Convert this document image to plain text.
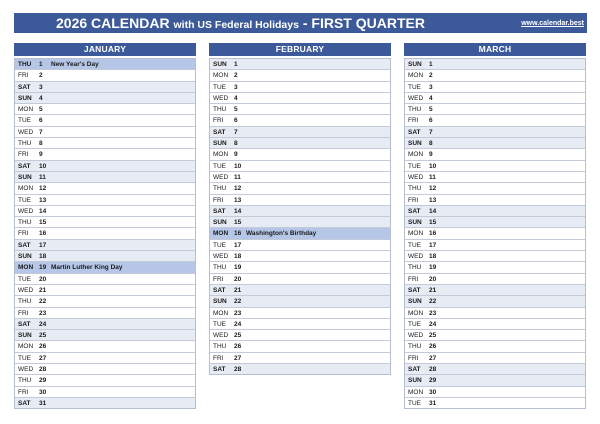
2026 CALENDAR with US Federal Holidays - FIRST QUARTER	www.calendar.best
JANUARY
THU 1 New Year's Day
FRI 2
SAT 3
SUN 4
MON 5
TUE 6
WED 7
THU 8
FRI 9
SAT 10
SUN 11
MON 12
TUE 13
WED 14
THU 15
FRI 16
SAT 17
SUN 18
MON 19 Martin Luther King Day
TUE 20
WED 21
THU 22
FRI 23
SAT 24
SUN 25
MON 26
TUE 27
WED 28
THU 29
FRI 30
SAT 31
FEBRUARY
SUN 1
MON 2
TUE 3
WED 4
THU 5
FRI 6
SAT 7
SUN 8
MON 9
TUE 10
WED 11
THU 12
FRI 13
SAT 14
SUN 15
MON 16 Washington's Birthday
TUE 17
WED 18
THU 19
FRI 20
SAT 21
SUN 22
MON 23
TUE 24
WED 25
THU 26
FRI 27
SAT 28
MARCH
SUN 1
MON 2
TUE 3
WED 4
THU 5
FRI 6
SAT 7
SUN 8
MON 9
TUE 10
WED 11
THU 12
FRI 13
SAT 14
SUN 15
MON 16
TUE 17
WED 18
THU 19
FRI 20
SAT 21
SUN 22
MON 23
TUE 24
WED 25
THU 26
FRI 27
SAT 28
SUN 29
MON 30
TUE 31
